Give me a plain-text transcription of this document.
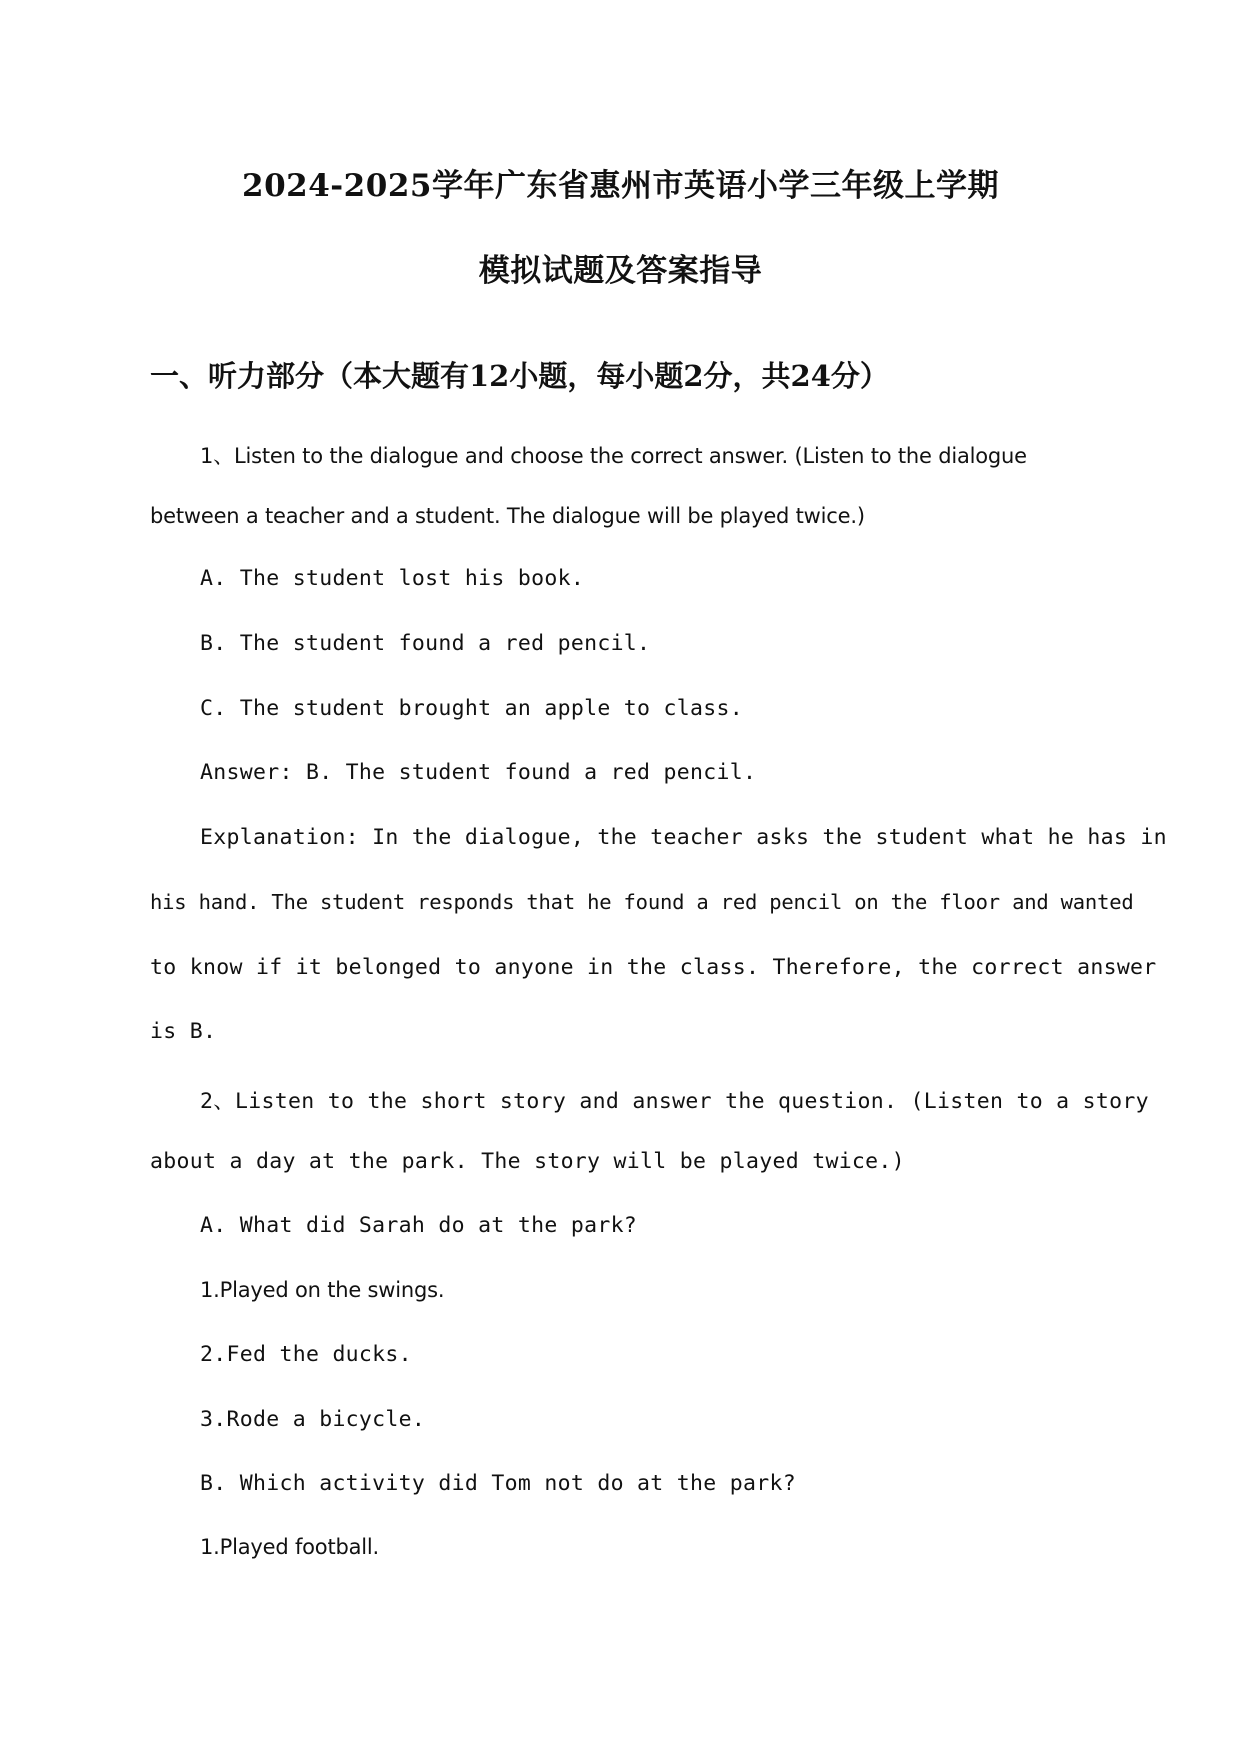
2024-2025学年广东省惠州市英语小学三年级上学期
模拟试题及答案指导
一、听力部分（本大题有12小题，每小题2分，共24分）
1、Listen to the dialogue and choose the correct answer. (Listen to the dialogue
between a teacher and a student. The dialogue will be played twice.)
A. The student lost his book.
B. The student found a red pencil.
C. The student brought an apple to class.
Answer: B. The student found a red pencil.
Explanation: In the dialogue, the teacher asks the student what he has in
his hand. The student responds that he found a red pencil on the floor and wanted
to know if it belonged to anyone in the class. Therefore, the correct answer
is B.
2、Listen to the short story and answer the question. (Listen to a story
about a day at the park. The story will be played twice.)
A. What did Sarah do at the park?
1.Played on the swings.
2.Fed the ducks.
3.Rode a bicycle.
B. Which activity did Tom not do at the park?
1.Played football.
